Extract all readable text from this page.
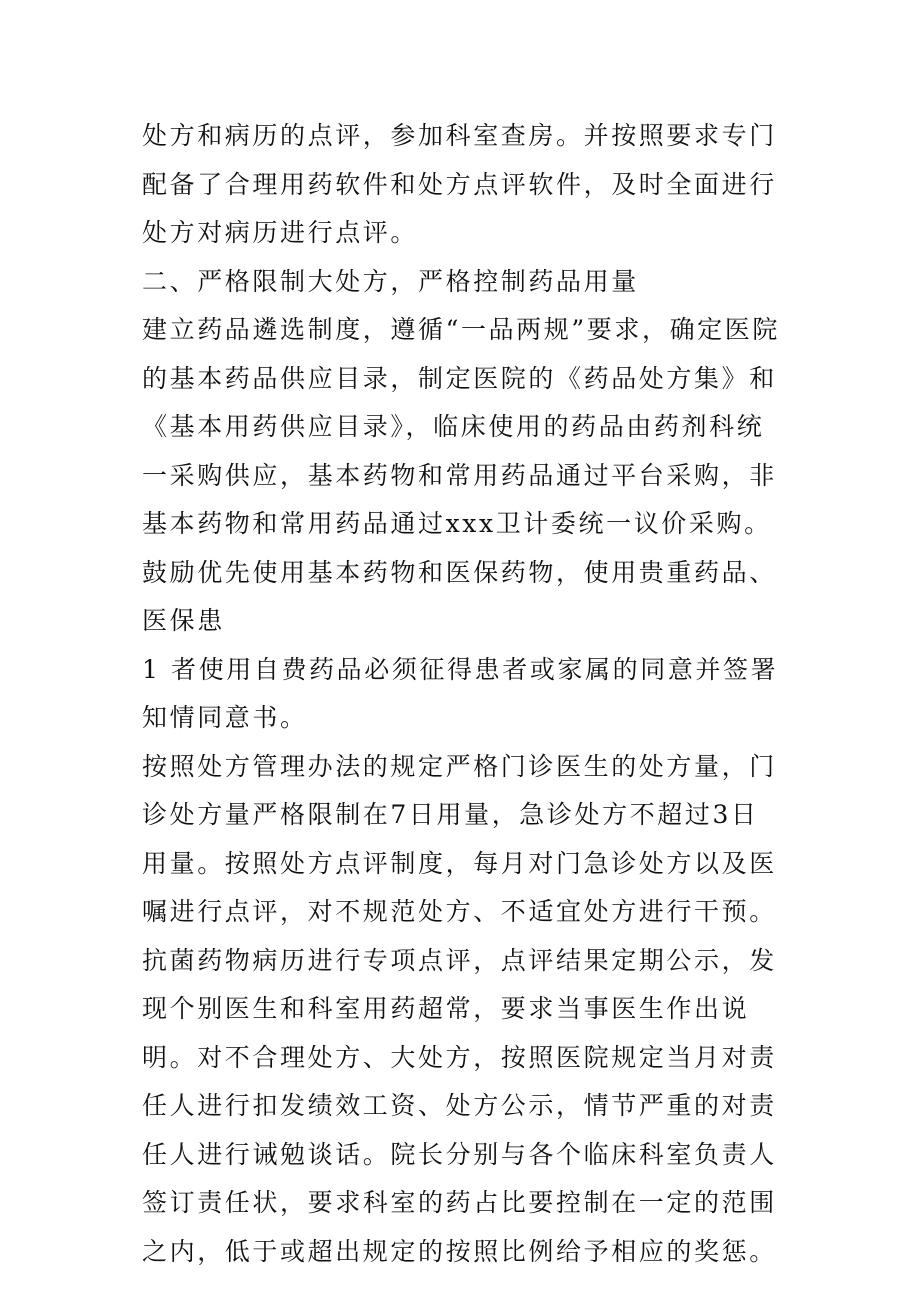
处方和病历的点评，参加科室查房。并按照要求专门配备了合理用药软件和处方点评软件，及时全面进行处方对病历进行点评。

二、严格限制大处方，严格控制药品用量

建立药品遴选制度，遵循“一品两规”要求，确定医院的基本药品供应目录，制定医院的《药品处方集》和《基本用药供应目录》，临床使用的药品由药剂科统一采购供应，基本药物和常用药品通过平台采购，非基本药物和常用药品通过xxx卫计委统一议价采购。鼓励优先使用基本药物和医保药物，使用贵重药品、医保患

1 者使用自费药品必须征得患者或家属的同意并签署知情同意书。

按照处方管理办法的规定严格门诊医生的处方量，门诊处方量严格限制在7日用量，急诊处方不超过3日用量。按照处方点评制度，每月对门急诊处方以及医嘱进行点评，对不规范处方、不适宜处方进行干预。抗菌药物病历进行专项点评，点评结果定期公示，发现个别医生和科室用药超常，要求当事医生作出说明。对不合理处方、大处方，按照医院规定当月对责任人进行扣发绩效工资、处方公示，情节严重的对责任人进行诫勉谈话。院长分别与各个临床科室负责人签订责任状，要求科室的药占比要控制在一定的范围之内，低于或超出规定的按照比例给予相应的奖惩。
